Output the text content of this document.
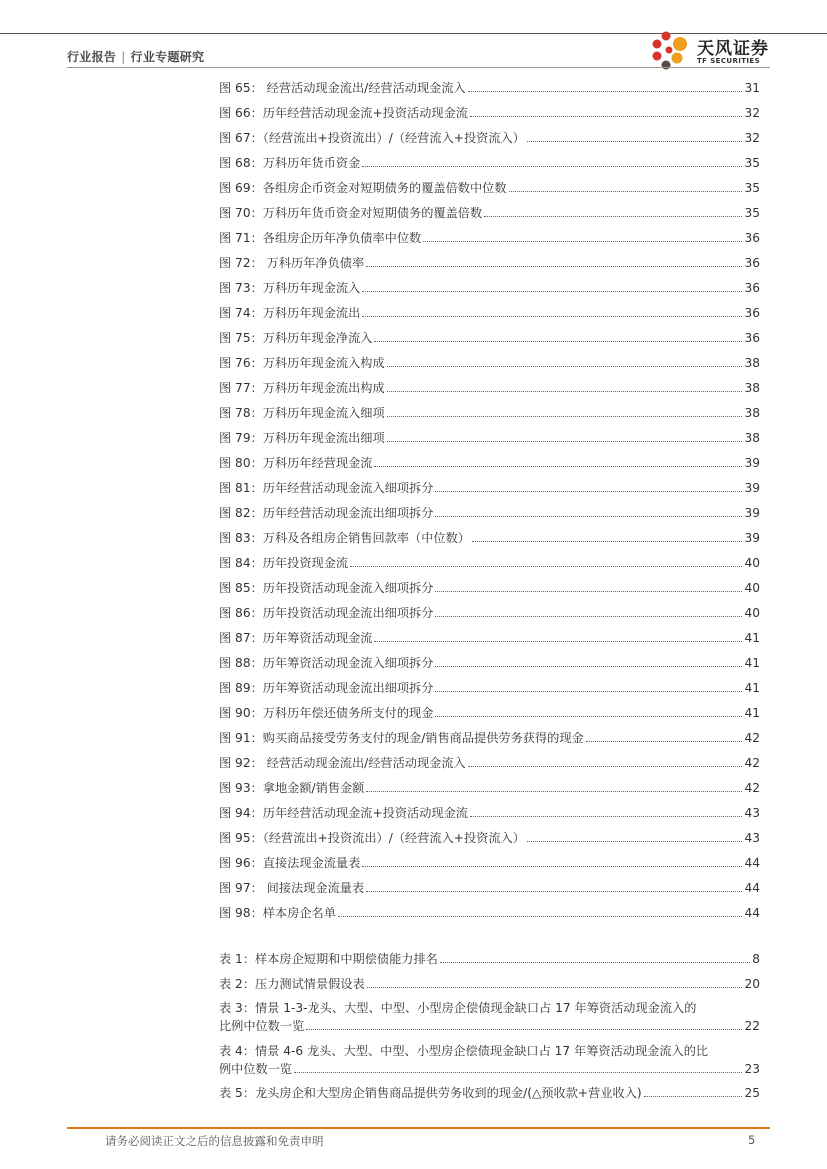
行业报告 | 行业专题研究	天风证券
TF SECURITIES
图 65： 经营活动现金流出/经营活动现金流入	31
图 66：历年经营活动现金流+投资活动现金流	32
图 67：（经营流出+投资流出）/（经营流入+投资流入）	32
图 68：万科历年货币资金	35
图 69：各组房企币资金对短期债务的覆盖倍数中位数	35
图 70：万科历年货币资金对短期债务的覆盖倍数	35
图 71：各组房企历年净负债率中位数	36
图 72： 万科历年净负债率	36
图 73：万科历年现金流入	36
图 74：万科历年现金流出	36
图 75：万科历年现金净流入	36
图 76：万科历年现金流入构成	38
图 77：万科历年现金流出构成	38
图 78：万科历年现金流入细项	38
图 79：万科历年现金流出细项	38
图 80：万科历年经营现金流	39
图 81：历年经营活动现金流入细项拆分	39
图 82：历年经营活动现金流出细项拆分	39
图 83：万科及各组房企销售回款率（中位数）	39
图 84：历年投资现金流	40
图 85：历年投资活动现金流入细项拆分	40
图 86：历年投资活动现金流出细项拆分	40
图 87：历年筹资活动现金流	41
图 88：历年筹资活动现金流入细项拆分	41
图 89：历年筹资活动现金流出细项拆分	41
图 90：万科历年偿还债务所支付的现金	41
图 91：购买商品接受劳务支付的现金/销售商品提供劳务获得的现金	42
图 92： 经营活动现金流出/经营活动现金流入	42
图 93：拿地金额/销售金额	42
图 94：历年经营活动现金流+投资活动现金流	43
图 95：（经营流出+投资流出）/（经营流入+投资流入）	43
图 96：直接法现金流量表	44
图 97： 间接法现金流量表	44
图 98：样本房企名单	44
表 1：样本房企短期和中期偿债能力排名	8
表 2：压力测试情景假设表	20
表 3：情景 1-3-龙头、大型、中型、小型房企偿债现金缺口占 17 年筹资活动现金流入的
比例中位数一览	22
表 4：情景 4-6 龙头、大型、中型、小型房企偿债现金缺口占 17 年筹资活动现金流入的比
例中位数一览	23
表 5：龙头房企和大型房企销售商品提供劳务收到的现金/(△预收款+营业收入)	25
请务必阅读正文之后的信息披露和免责申明	5
